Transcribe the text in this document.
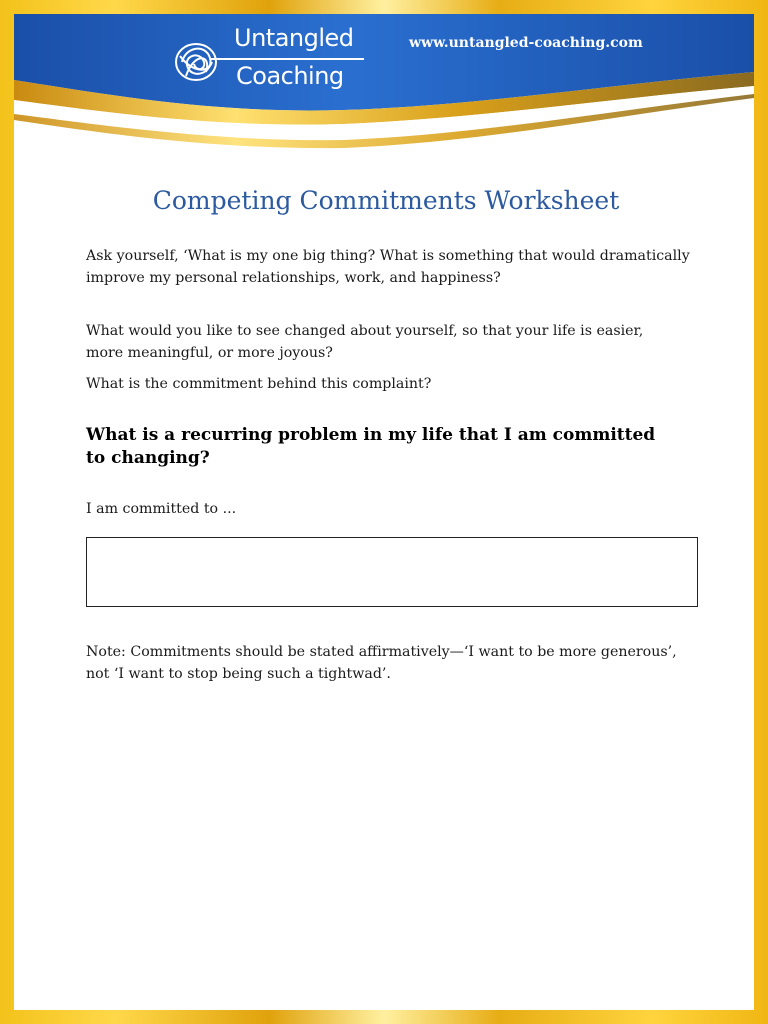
Untangled
Coaching
www.untangled-coaching.com
Competing Commitments Worksheet

Ask yourself, ‘What is my one big thing? What is something that would dramatically
improve my personal relationships, work, and happiness?

What would you like to see changed about yourself, so that your life is easier,
more meaningful, or more joyous?

What is the commitment behind this complaint?

What is a recurring problem in my life that I am committed
to changing?

I am committed to ...

Note: Commitments should be stated affirmatively—‘I want to be more generous’,
not ‘I want to stop being such a tightwad’.
